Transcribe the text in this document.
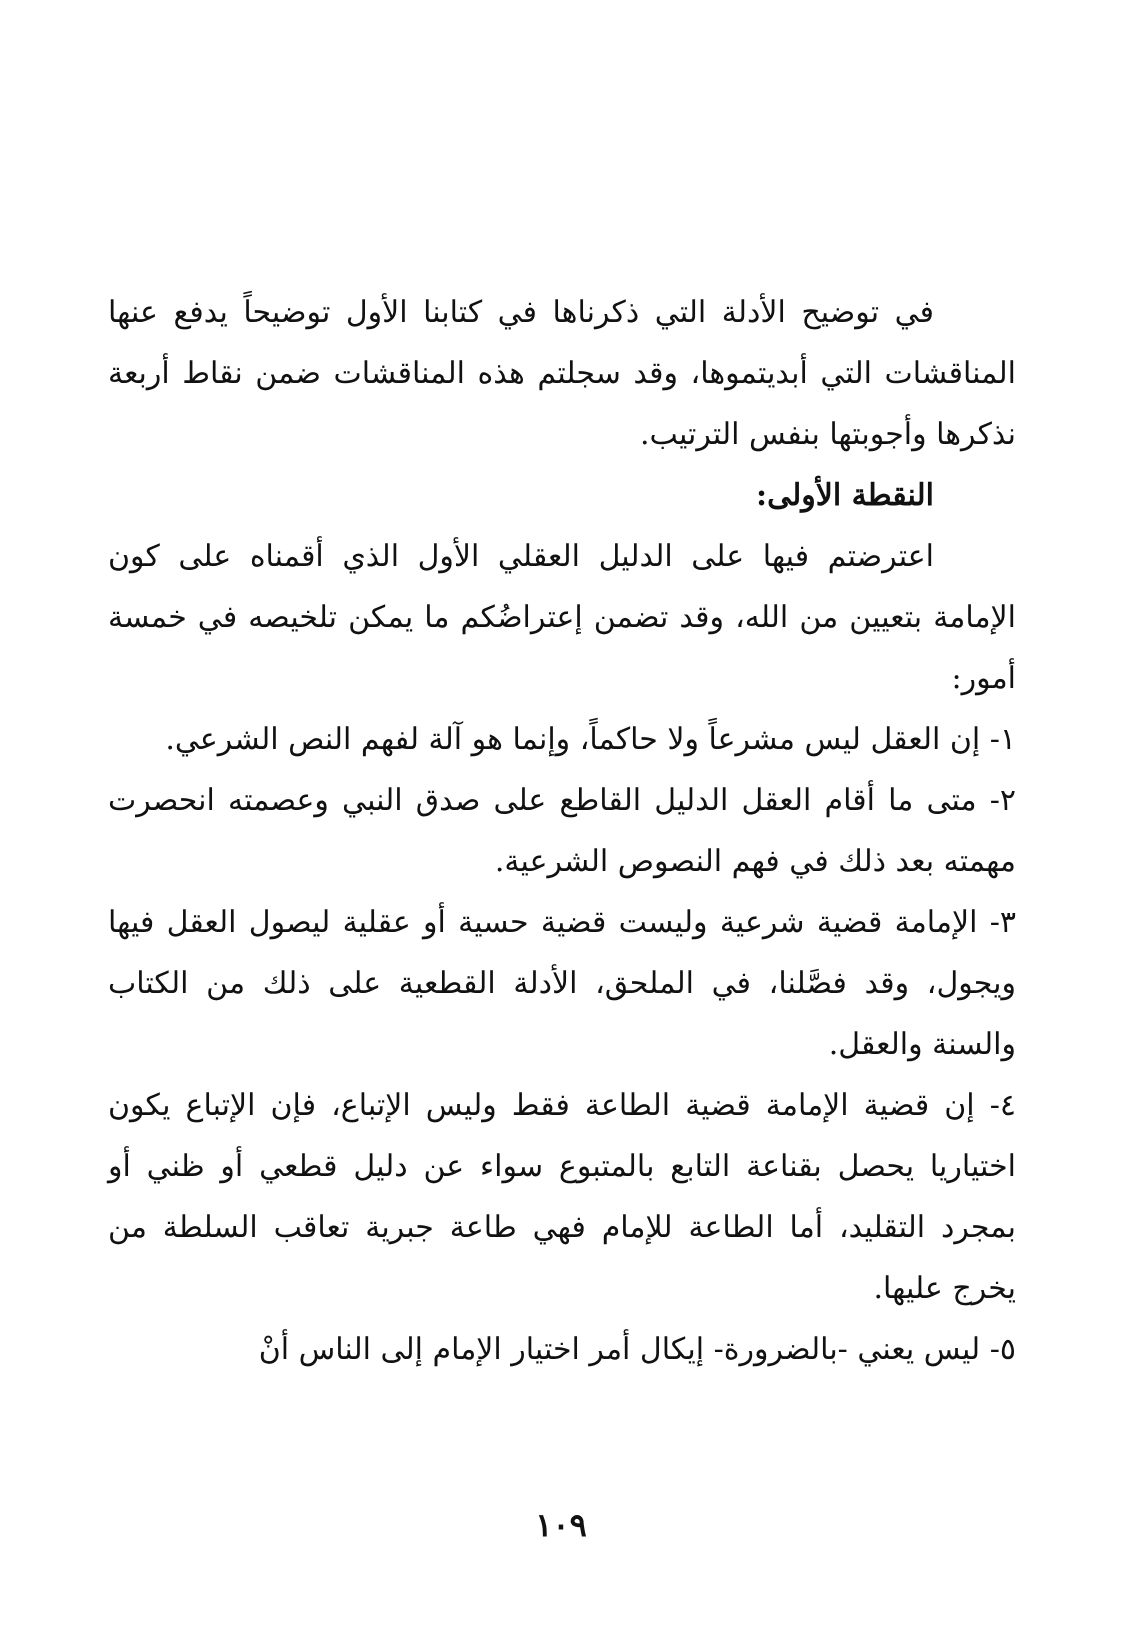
في توضيح الأدلة التي ذكرناها في كتابنا الأول توضيحاً يدفع عنها المناقشات التي أبديتموها، وقد سجلتم هذه المناقشات ضمن نقاط أربعة نذكرها وأجوبتها بنفس الترتيب.

النقطة الأولى:

اعترضتم فيها على الدليل العقلي الأول الذي أقمناه على كون الإمامة بتعيين من الله، وقد تضمن إعتراضُكم ما يمكن تلخيصه في خمسة أمور:

١- إن العقل ليس مشرعاً ولا حاكماً، وإنما هو آلة لفهم النص الشرعي.

٢- متى ما أقام العقل الدليل القاطع على صدق النبي وعصمته انحصرت مهمته بعد ذلك في فهم النصوص الشرعية.

٣- الإمامة قضية شرعية وليست قضية حسية أو عقلية ليصول العقل فيها ويجول، وقد فصَّلنا، في الملحق، الأدلة القطعية على ذلك من الكتاب والسنة والعقل.

٤- إن قضية الإمامة قضية الطاعة فقط وليس الإتباع، فإن الإتباع يكون اختياريا يحصل بقناعة التابع بالمتبوع سواء عن دليل قطعي أو ظني أو بمجرد التقليد، أما الطاعة للإمام فهي طاعة جبرية تعاقب السلطة من يخرج عليها.

٥- ليس يعني -بالضرورة- إيكال أمر اختيار الإمام إلى الناس أنْ

١٠٩
